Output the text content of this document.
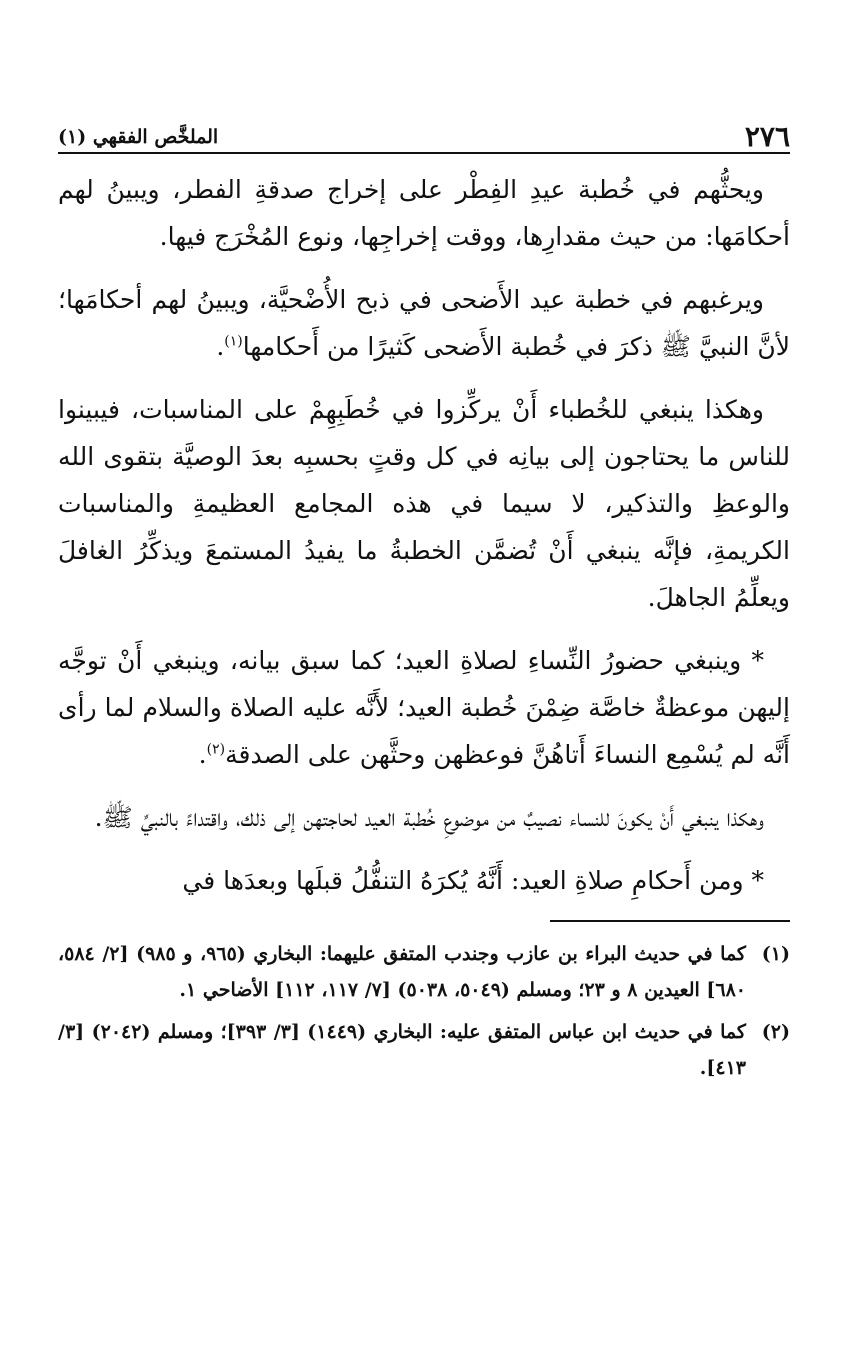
٢٧٦
الملخَّص الفقهي (١)

ويحثُّهم في خُطبة عيدِ الفِطْر على إخراج صدقةِ الفطر، ويبينُ لهم أحكامَها: من حيث مقدارِها، ووقت إخراجِها، ونوع المُخْرَج فيها.

ويرغبهم في خطبة عيد الأَضحى في ذبح الأُضْحيَّة، ويبينُ لهم أحكامَها؛ لأنَّ النبيَّ ﷺ ذكرَ في خُطبة الأَضحى كَثيرًا من أَحكامها$^{(١)}$.

وهكذا ينبغي للخُطباء أَنْ يركِّزوا في خُطَبِهِمْ على المناسبات، فيبينوا للناس ما يحتاجون إلى بيانِه في كل وقتٍ بحسبِه بعدَ الوصيَّة بتقوى الله والوعظِ والتذكير، لا سيما في هذه المجامع العظيمةِ والمناسبات الكريمةِ، فإنَّه ينبغي أَنْ تُضمَّن الخطبةُ ما يفيدُ المستمعَ ويذكِّرُ الغافلَ ويعلِّمُ الجاهلَ.

* وينبغي حضورُ النِّساءِ لصلاةِ العيد؛ كما سبق بيانه، وينبغي أَنْ توجَّه إليهن موعظةٌ خاصَّة ضِمْنَ خُطبة العيد؛ لأَنَّه عليه الصلاة والسلام لما رأى أَنَّه لم يُسْمِع النساءَ أَتاهُنَّ فوعظهن وحثَّهن على الصدقة$^{(٢)}$.

وهكذا ينبغي أَنْ يكونَ للنساء نصيبٌ من موضوعِ خُطبة العيد لحاجتهن إلى ذلك، واقتداءً بالنبيِّ ﷺ.

* ومن أَحكامِ صلاةِ العيد: أَنَّهُ يُكرَهُ التنفُّلُ قبلَها وبعدَها في

(١)
كما في حديث البراء بن عازب وجندب المتفق عليهما: البخاري (٩٦٥، و ٩٨٥) [٢/ ٥٨٤، ٦٨٠] العيدين ٨ و ٢٣؛ ومسلم (٥٠٤٩، ٥٠٣٨) [٧/ ١١٧، ١١٢] الأضاحي ١.
(٢)
كما في حديث ابن عباس المتفق عليه: البخاري (١٤٤٩) [٣/ ٣٩٣]؛ ومسلم (٢٠٤٢) [٣/ ٤١٣].
